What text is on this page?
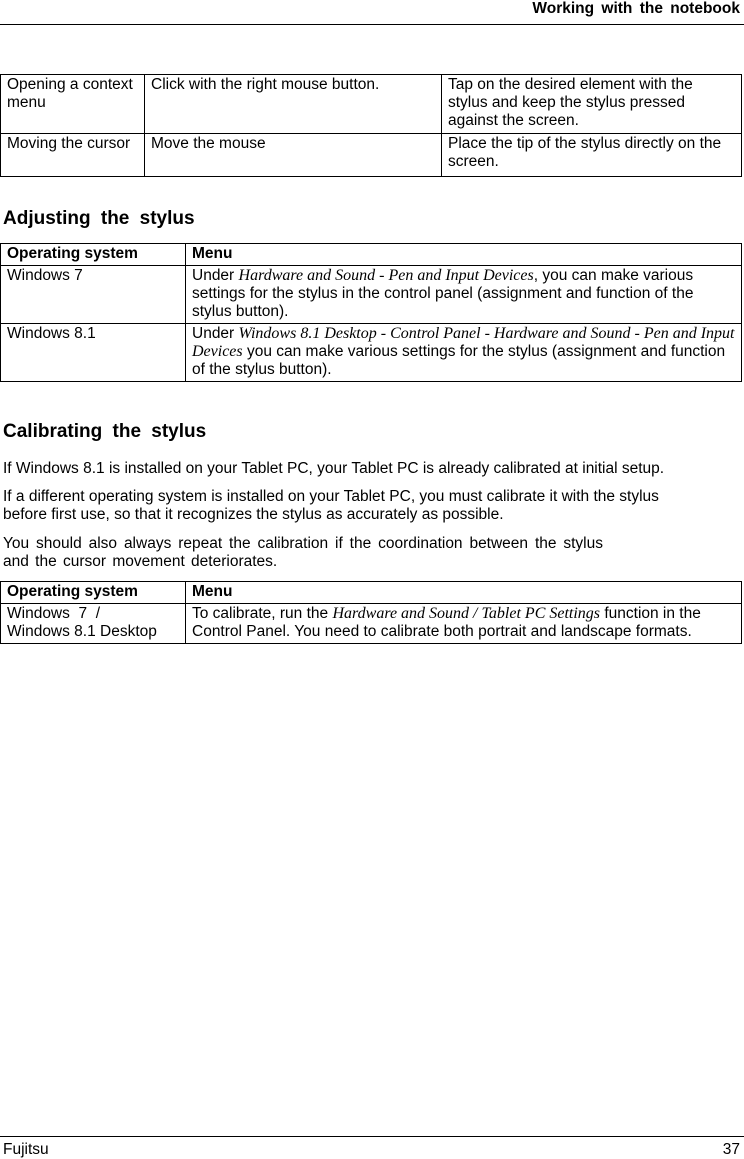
Working with the notebook
Opening a context menu	Click with the right mouse button.	Tap on the desired element with the stylus and keep the stylus pressed against the screen.
Moving the cursor	Move the mouse	Place the tip of the stylus directly on the screen.
Adjusting the stylus
Operating system	Menu
Windows 7	Under Hardware and Sound - Pen and Input Devices, you can make various settings for the stylus in the control panel (assignment and function of the stylus button).
Windows 8.1	Under Windows 8.1 Desktop - Control Panel - Hardware and Sound - Pen and Input Devices you can make various settings for the stylus (assignment and function of the stylus button).
Calibrating the stylus

If Windows 8.1 is installed on your Tablet PC, your Tablet PC is already calibrated at initial setup.

If a different operating system is installed on your Tablet PC, you must calibrate it with the stylus before first use, so that it recognizes the stylus as accurately as possible.

You should also always repeat the calibration if the coordination between the stylus and the cursor movement deteriorates.

Operating system	Menu
Windows  7  /
Windows 8.1 Desktop	To calibrate, run the Hardware and Sound / Tablet PC Settings function in the Control Panel. You need to calibrate both portrait and landscape formats.
Fujitsu	37
